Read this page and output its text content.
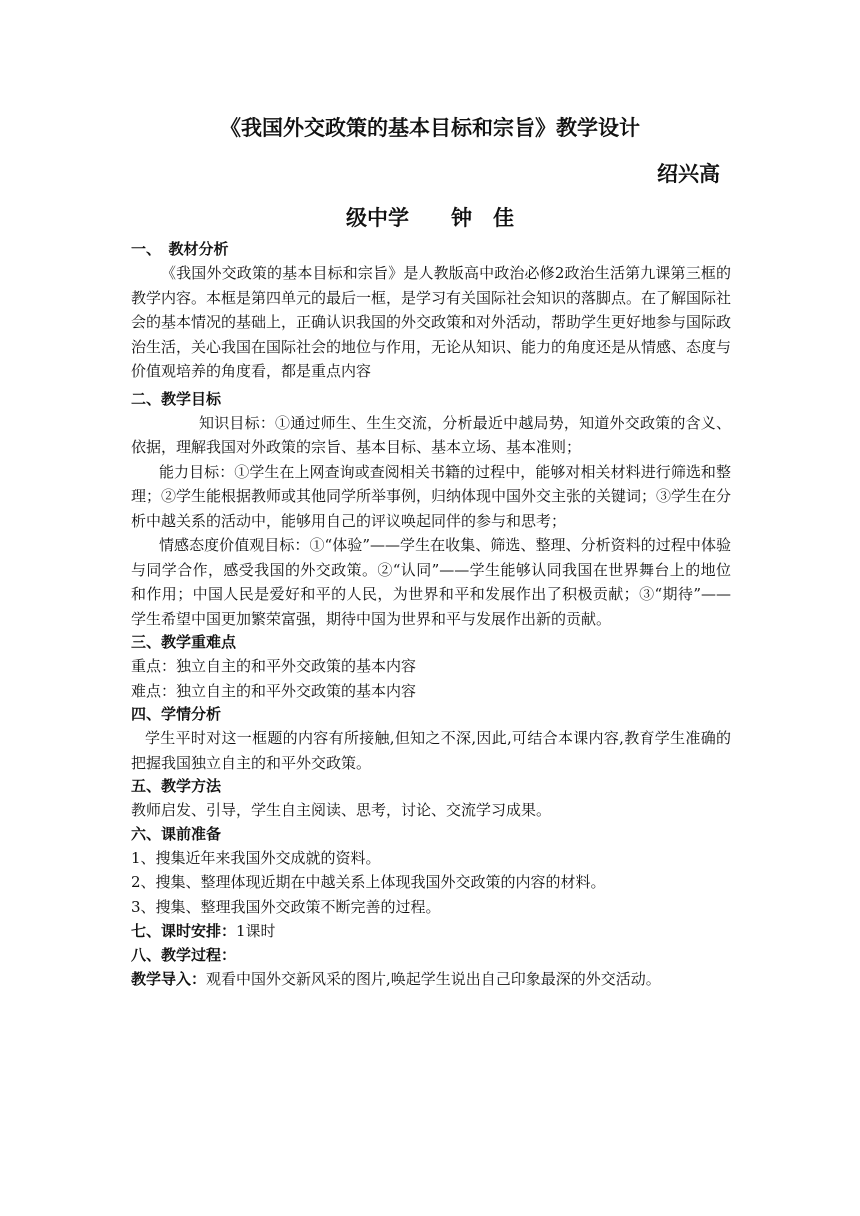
《我国外交政策的基本目标和宗旨》教学设计
绍兴高
级中学　　钟　佳

一、　教材分析

《我国外交政策的基本目标和宗旨》是人教版高中政治必修2政治生活第九课第三框的教学内容。本框是第四单元的最后一框，是学习有关国际社会知识的落脚点。在了解国际社会的基本情况的基础上，正确认识我国的外交政策和对外活动，帮助学生更好地参与国际政治生活，关心我国在国际社会的地位与作用，无论从知识、能力的角度还是从情感、态度与价值观培养的角度看，都是重点内容

二、教学目标

知识目标：①通过师生、生生交流，分析最近中越局势，知道外交政策的含义、依据，理解我国对外政策的宗旨、基本目标、基本立场、基本准则；

能力目标：①学生在上网查询或查阅相关书籍的过程中，能够对相关材料进行筛选和整理；②学生能根据教师或其他同学所举事例，归纳体现中国外交主张的关键词；③学生在分析中越关系的活动中，能够用自己的评议唤起同伴的参与和思考；

情感态度价值观目标：①“体验”——学生在收集、筛选、整理、分析资料的过程中体验与同学合作，感受我国的外交政策。②“认同”——学生能够认同我国在世界舞台上的地位和作用；中国人民是爱好和平的人民，为世界和平和发展作出了积极贡献；③“期待”——学生希望中国更加繁荣富强，期待中国为世界和平与发展作出新的贡献。

三、教学重难点

重点：独立自主的和平外交政策的基本内容

难点：独立自主的和平外交政策的基本内容

四、学情分析

学生平时对这一框题的内容有所接触,但知之不深,因此,可结合本课内容,教育学生准确的把握我国独立自主的和平外交政策。

五、教学方法

教师启发、引导，学生自主阅读、思考，讨论、交流学习成果。

六、课前准备

1、搜集近年来我国外交成就的资料。

2、搜集、整理体现近期在中越关系上体现我国外交政策的内容的材料。

3、搜集、整理我国外交政策不断完善的过程。

七、课时安排：1课时

八、教学过程：

教学导入：观看中国外交新风采的图片,唤起学生说出自己印象最深的外交活动。
